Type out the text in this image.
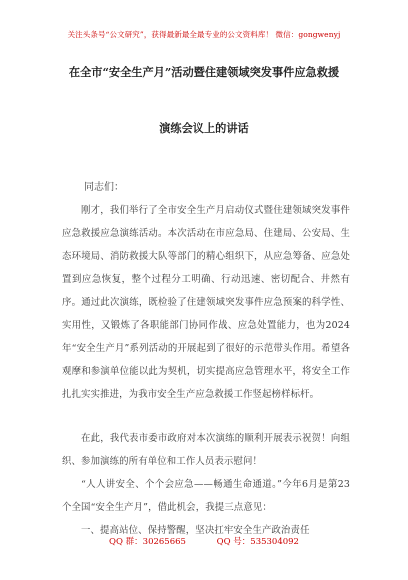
关注头条号“公文研究”，获得最新最全最专业的公文资料库！ 微信：gongwenyj
在全市“安全生产月”活动暨住建领域突发事件应急救援
演练会议上的讲话
同志们：
刚才，我们举行了全市安全生产月启动仪式暨住建领域突发事件应急救援应急演练活动。本次活动在市应急局、住建局、公安局、生态环境局、消防救援大队等部门的精心组织下，从应急筹备、应急处置到应急恢复，整个过程分工明确、行动迅速、密切配合、井然有序。通过此次演练，既检验了住建领域突发事件应急预案的科学性、实用性，又锻炼了各职能部门协同作战、应急处置能力，也为2024年“安全生产月”系列活动的开展起到了很好的示范带头作用。希望各观摩和参演单位能以此为契机，切实提高应急管理水平，将安全工作扎扎实实推进，为我市安全生产应急救援工作竖起榜样标杆。
在此，我代表市委市政府对本次演练的顺利开展表示祝贺！向组织、参加演练的所有单位和工作人员表示慰问！
“人人讲安全、个个会应急——畅通生命通道。”今年6月是第23个全国“安全生产月”，借此机会，我提三点意见：
一、提高站位、保持警醒，坚决扛牢安全生产政治责任
QQ 群：30265665	QQ 号：535304092
